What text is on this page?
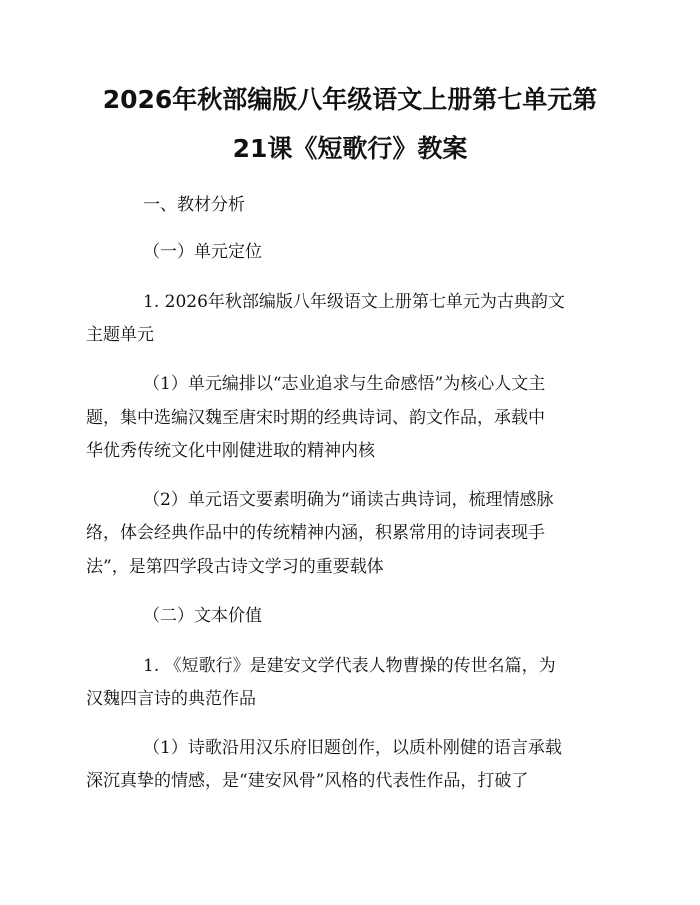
2026年秋部编版八年级语文上册第七单元第
21课《短歌行》教案
一、教材分析
（一）单元定位
1. 2026年秋部编版八年级语文上册第七单元为古典韵文
主题单元
（1）单元编排以“志业追求与生命感悟”为核心人文主
题，集中选编汉魏至唐宋时期的经典诗词、韵文作品，承载中
华优秀传统文化中刚健进取的精神内核
（2）单元语文要素明确为“诵读古典诗词，梳理情感脉
络，体会经典作品中的传统精神内涵，积累常用的诗词表现手
法”，是第四学段古诗文学习的重要载体
（二）文本价值
1. 《短歌行》是建安文学代表人物曹操的传世名篇，为
汉魏四言诗的典范作品
（1）诗歌沿用汉乐府旧题创作，以质朴刚健的语言承载
深沉真挚的情感，是“建安风骨”风格的代表性作品，打破了
